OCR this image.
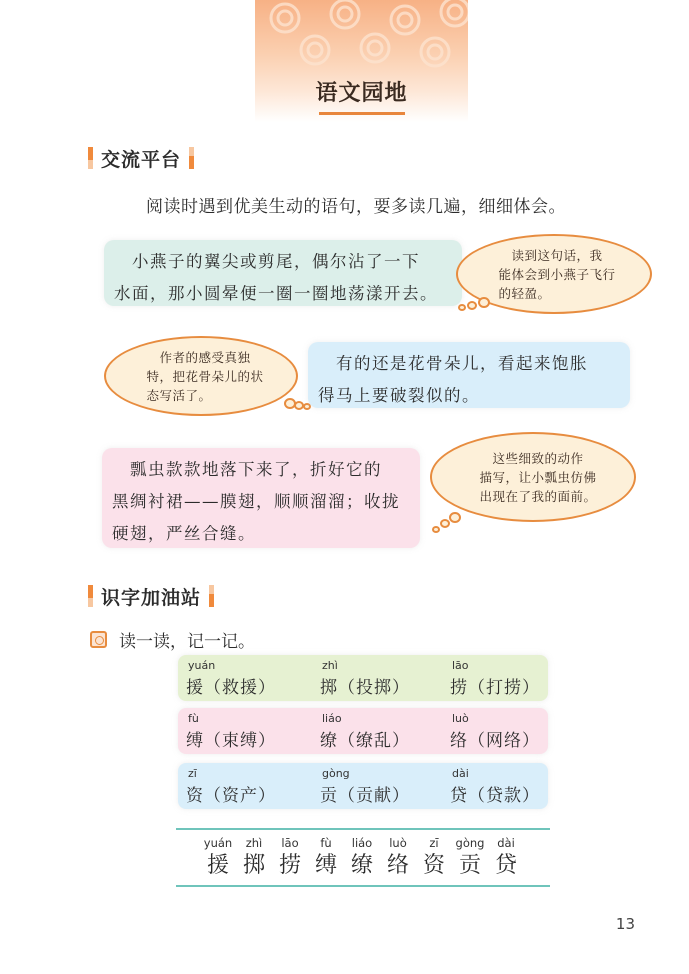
语文园地
交流平台
阅读时遇到优美生动的语句，要多读几遍，细细体会。
　小燕子的翼尖或剪尾，偶尔沾了一下
水面，那小圆晕便一圈一圈地荡漾开去。
　读到这句话，我
能体会到小燕子飞行
的轻盈。
　作者的感受真独
特，把花骨朵儿的状
态写活了。
　有的还是花骨朵儿，看起来饱胀
得马上要破裂似的。
　瓢虫款款地落下来了，折好它的
黑绸衬裙——膜翅，顺顺溜溜；收拢
硬翅，严丝合缝。
　这些细致的动作
描写，让小瓢虫仿佛
出现在了我的面前。
识字加油站
读一读，记一记。
yuán
援（救援）
zhì
掷（投掷）
lāo
捞（打捞）
fù
缚（束缚）
liáo
缭（缭乱）
luò
络（网络）
zī
资（资产）
gòng
贡（贡献）
dài
贷（贷款）
yuán
援
zhì
掷
lāo
捞
fù
缚
liáo
缭
luò
络
zī
资
gòng
贡
dài
贷
13
